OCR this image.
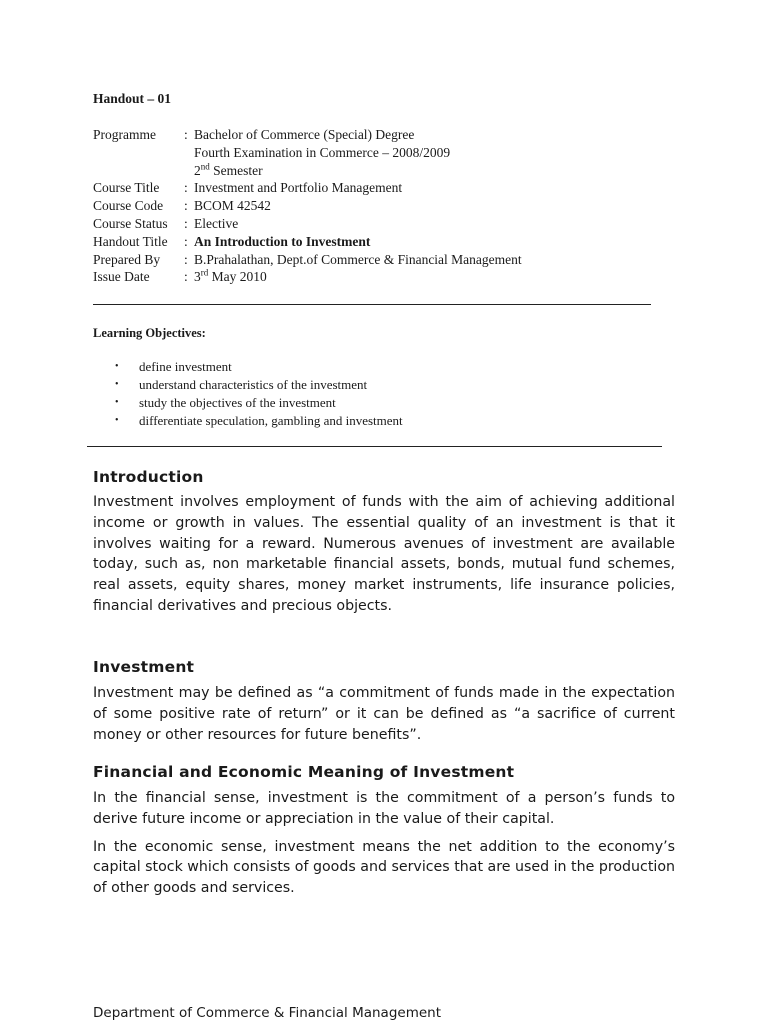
Handout – 01
Programme	: Bachelor of Commerce (Special) Degree
Fourth Examination in Commerce – 2008/2009
2nd Semester
Course Title	: Investment and Portfolio Management
Course Code	: BCOM 42542
Course Status	: Elective
Handout Title	: An Introduction to Investment
Prepared By	: B.Prahalathan, Dept.of Commerce & Financial Management
Issue Date	: 3rd May 2010
Learning Objectives:
•	define investment
•	understand characteristics of the investment
•	study the objectives of the investment
•	differentiate speculation, gambling and investment
Introduction

Investment involves employment of funds with the aim of achieving additional income or growth in values. The essential quality of an investment is that it involves waiting for a reward. Numerous avenues of investment are available today, such as, non marketable financial assets, bonds, mutual fund schemes, real assets, equity shares, money market instruments, life insurance policies, financial derivatives and precious objects.

Investment

Investment may be defined as “a commitment of funds made in the expectation of some positive rate of return” or it can be defined as “a sacrifice of current money or other resources for future benefits”.

Financial and Economic Meaning of Investment

In the financial sense, investment is the commitment of a person’s funds to derive future income or appreciation in the value of their capital.

In the economic sense, investment means the net addition to the economy’s capital stock which consists of goods and services that are used in the production of other goods and services.

Department of Commerce & Financial Management
